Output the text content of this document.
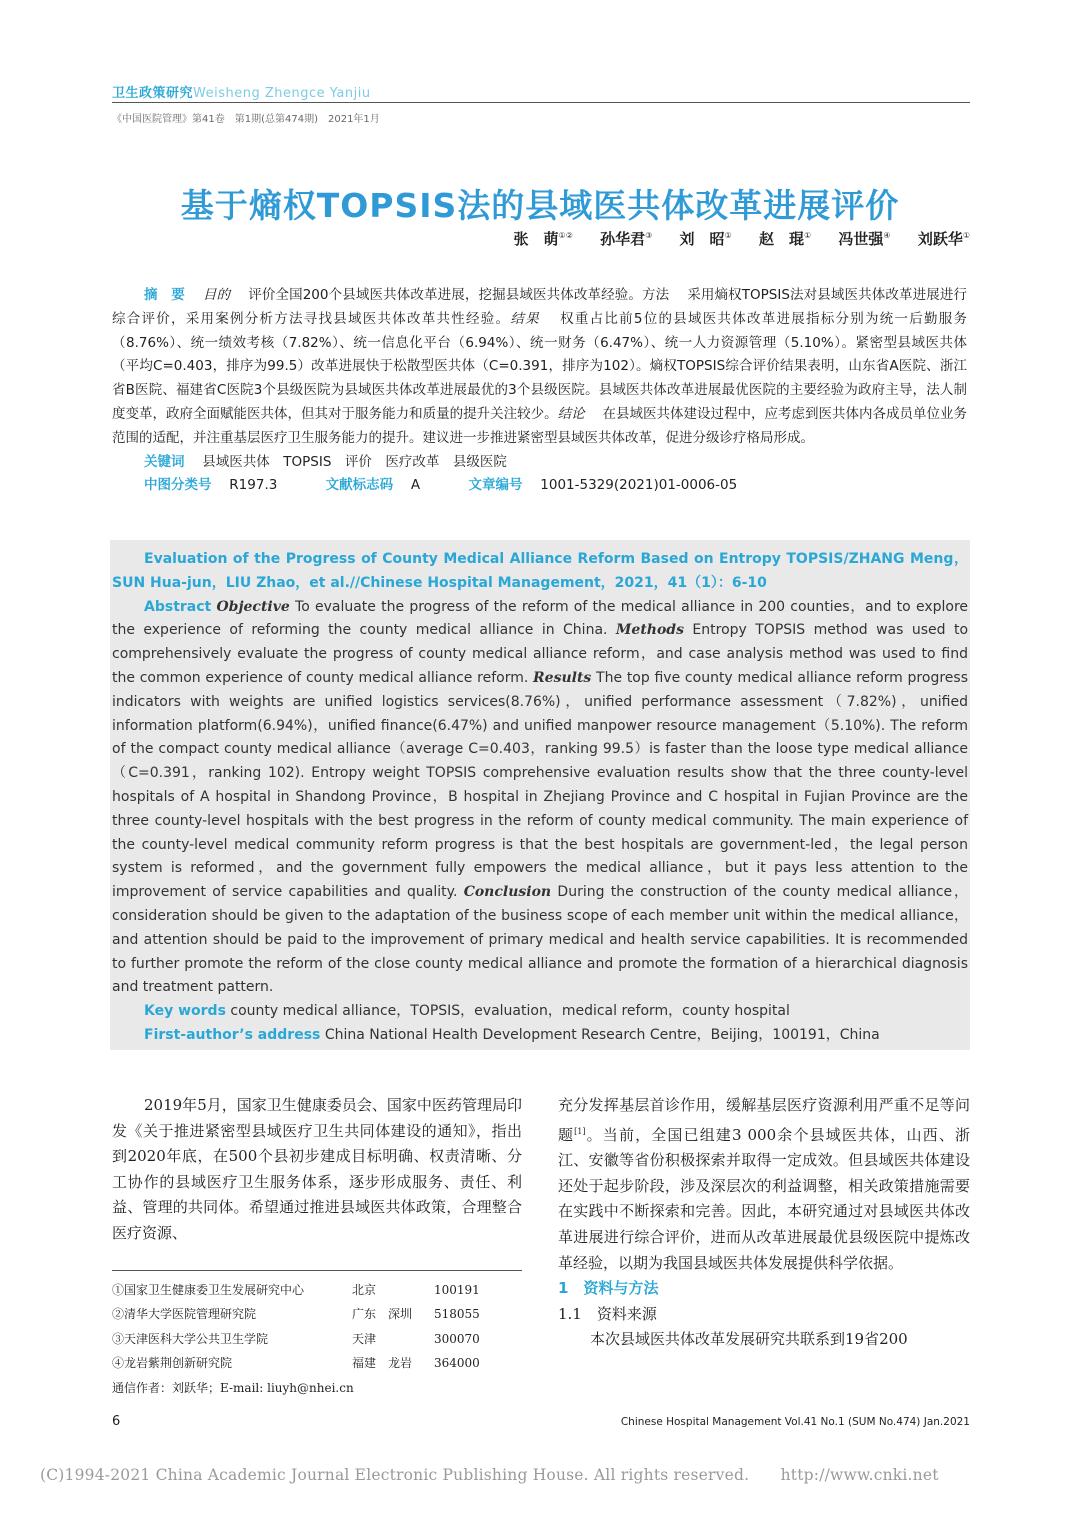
卫生政策研究Weisheng Zhengce Yanjiu
《中国医院管理》第41卷　第1期(总第474期)　2021年1月
基于熵权TOPSIS法的县域医共体改革进展评价
张　萌①② 孙华君③ 刘　昭① 赵　琨① 冯世强④ 刘跃华①

摘　要　 目的　 评价全国200个县域医共体改革进展，挖掘县域医共体改革经验。方法　 采用熵权TOPSIS法对县域医共体改革进展进行综合评价，采用案例分析方法寻找县域医共体改革共性经验。结果　 权重占比前5位的县域医共体改革进展指标分别为统一后勤服务（8.76%）、统一绩效考核（7.82%）、统一信息化平台（6.94%）、统一财务（6.47%）、统一人力资源管理（5.10%）。紧密型县域医共体（平均C=0.403，排序为99.5）改革进展快于松散型医共体（C=0.391，排序为102）。熵权TOPSIS综合评价结果表明，山东省A医院、浙江省B医院、福建省C医院3个县级医院为县域医共体改革进展最优的3个县级医院。县域医共体改革进展最优医院的主要经验为政府主导，法人制度变革，政府全面赋能医共体，但其对于服务能力和质量的提升关注较少。结论　 在县域医共体建设过程中，应考虑到医共体内各成员单位业务范围的适配，并注重基层医疗卫生服务能力的提升。建议进一步推进紧密型县域医共体改革，促进分级诊疗格局形成。

关键词　 县域医共体　TOPSIS　评价　医疗改革　县级医院

中图分类号　 R197.3	文献标志码　 A	文章编号　 1001-5329(2021)01-0006-05

Evaluation of the Progress of County Medical Alliance Reform Based on Entropy TOPSIS/ZHANG Meng，SUN Hua-jun，LIU Zhao，et al.//Chinese Hospital Management，2021，41（1）：6-10

Abstract Objective To evaluate the progress of the reform of the medical alliance in 200 counties，and to explore the experience of reforming the county medical alliance in China. Methods Entropy TOPSIS method was used to comprehensively evaluate the progress of county medical alliance reform，and case analysis method was used to find the common experience of county medical alliance reform. Results The top five county medical alliance reform progress indicators with weights are unified logistics services(8.76%)，unified performance assessment（7.82%)，unified information platform(6.94%)，unified finance(6.47%) and unified manpower resource management（5.10%). The reform of the compact county medical alliance（average C=0.403，ranking 99.5）is faster than the loose type medical alliance（C=0.391，ranking 102). Entropy weight TOPSIS comprehensive evaluation results show that the three county-level hospitals of A hospital in Shandong Province，B hospital in Zhejiang Province and C hospital in Fujian Province are the three county-level hospitals with the best progress in the reform of county medical community. The main experience of the county-level medical community reform progress is that the best hospitals are government-led，the legal person system is reformed，and the government fully empowers the medical alliance，but it pays less attention to the improvement of service capabilities and quality. Conclusion During the construction of the county medical alliance，consideration should be given to the adaptation of the business scope of each member unit within the medical alliance，and attention should be paid to the improvement of primary medical and health service capabilities. It is recommended to further promote the reform of the close county medical alliance and promote the formation of a hierarchical diagnosis and treatment pattern.

Key words county medical alliance，TOPSIS，evaluation，medical reform，county hospital

First-author’s address China National Health Development Research Centre，Beijing，100191，China

2019年5月，国家卫生健康委员会、国家中医药管理局印发《关于推进紧密型县域医疗卫生共同体建设的通知》，指出到2020年底，在500个县初步建成目标明确、权责清晰、分工协作的县域医疗卫生服务体系，逐步形成服务、责任、利益、管理的共同体。希望通过推进县域医共体政策，合理整合医疗资源、

①国家卫生健康委卫生发展研究中心	北京	100191
②清华大学医院管理研究院	广东　深圳	518055
③天津医科大学公共卫生学院	天津	300070
④龙岩紫荆创新研究院	福建　龙岩	364000
通信作者：刘跃华；E-mail: liuyh@nhei.cn

充分发挥基层首诊作用，缓解基层医疗资源利用严重不足等问题[1]。当前，全国已组建3 000余个县域医共体，山西、浙江、安徽等省份积极探索并取得一定成效。但县域医共体建设还处于起步阶段，涉及深层次的利益调整，相关政策措施需要在实践中不断探索和完善。因此，本研究通过对县域医共体改革进展进行综合评价，进而从改革进展最优县级医院中提炼改革经验，以期为我国县域医共体发展提供科学依据。

1　资料与方法

1.1　资料来源

本次县域医共体改革发展研究共联系到19省200

6	Chinese Hospital Management Vol.41 No.1 (SUM No.474) Jan.2021
(C)1994-2021 China Academic Journal Electronic Publishing House. All rights reserved.　　http://www.cnki.net
